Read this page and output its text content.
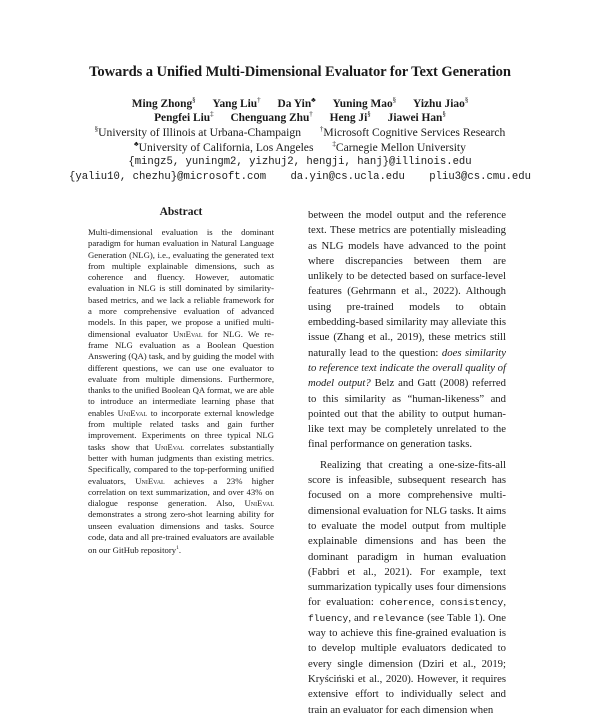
Towards a Unified Multi-Dimensional Evaluator for Text Generation
Ming Zhong§ Yang Liu† Da Yin♣ Yuning Mao§ Yizhu Jiao§
Pengfei Liu‡ Chenguang Zhu† Heng Ji§ Jiawei Han§
§University of Illinois at Urbana-Champaign	†Microsoft Cognitive Services Research
♣University of California, Los Angeles	‡Carnegie Mellon University
{mingz5, yuningm2, yizhuj2, hengji, hanj}@illinois.edu
{yaliu10, chezhu}@microsoft.com da.yin@cs.ucla.edu pliu3@cs.cmu.edu
Abstract
Multi-dimensional evaluation is the dominant paradigm for human evaluation in Natural Language Generation (NLG), i.e., evaluating the generated text from multiple explainable dimensions, such as coherence and fluency. However, automatic evaluation in NLG is still dominated by similarity-based metrics, and we lack a reliable framework for a more comprehensive evaluation of advanced models. In this paper, we propose a unified multi-dimensional evaluator UniEval for NLG. We re-frame NLG evaluation as a Boolean Question Answering (QA) task, and by guiding the model with different questions, we can use one evaluator to evaluate from multiple dimensions. Furthermore, thanks to the unified Boolean QA format, we are able to introduce an intermediate learning phase that enables UniEval to incorporate external knowledge from multiple related tasks and gain further improvement. Experiments on three typical NLG tasks show that UniEval correlates substantially better with human judgments than existing metrics. Specifically, compared to the top-performing unified evaluators, UniEval achieves a 23% higher correlation on text summarization, and over 43% on dialogue response generation. Also, UniEval demonstrates a strong zero-shot learning ability for unseen evaluation dimensions and tasks. Source code, data and all pre-trained evaluators are available on our GitHub repository$^1$.

between the model output and the reference text. These metrics are potentially misleading as NLG models have advanced to the point where discrepancies between them are unlikely to be detected based on surface-level features (Gehrmann et al., 2022). Although using pre-trained models to obtain embedding-based similarity may alleviate this issue (Zhang et al., 2019), these metrics still naturally lead to the question: does similarity to reference text indicate the overall quality of model output? Belz and Gatt (2008) referred to this similarity as “human-likeness” and pointed out that the ability to output human-like text may be completely unrelated to the final performance on generation tasks.

Realizing that creating a one-size-fits-all score is infeasible, subsequent research has focused on a more comprehensive multi-dimensional evaluation for NLG tasks. It aims to evaluate the model output from multiple explainable dimensions and has been the dominant paradigm in human evaluation (Fabbri et al., 2021). For example, text summarization typically uses four dimensions for evaluation: coherence, consistency, fluency, and relevance (see Table 1). One way to achieve this fine-grained evaluation is to develop multiple evaluators dedicated to every single dimension (Dziri et al., 2019; Kryściński et al., 2020). However, it requires extensive effort to individually select and train an evaluator for each dimension when
